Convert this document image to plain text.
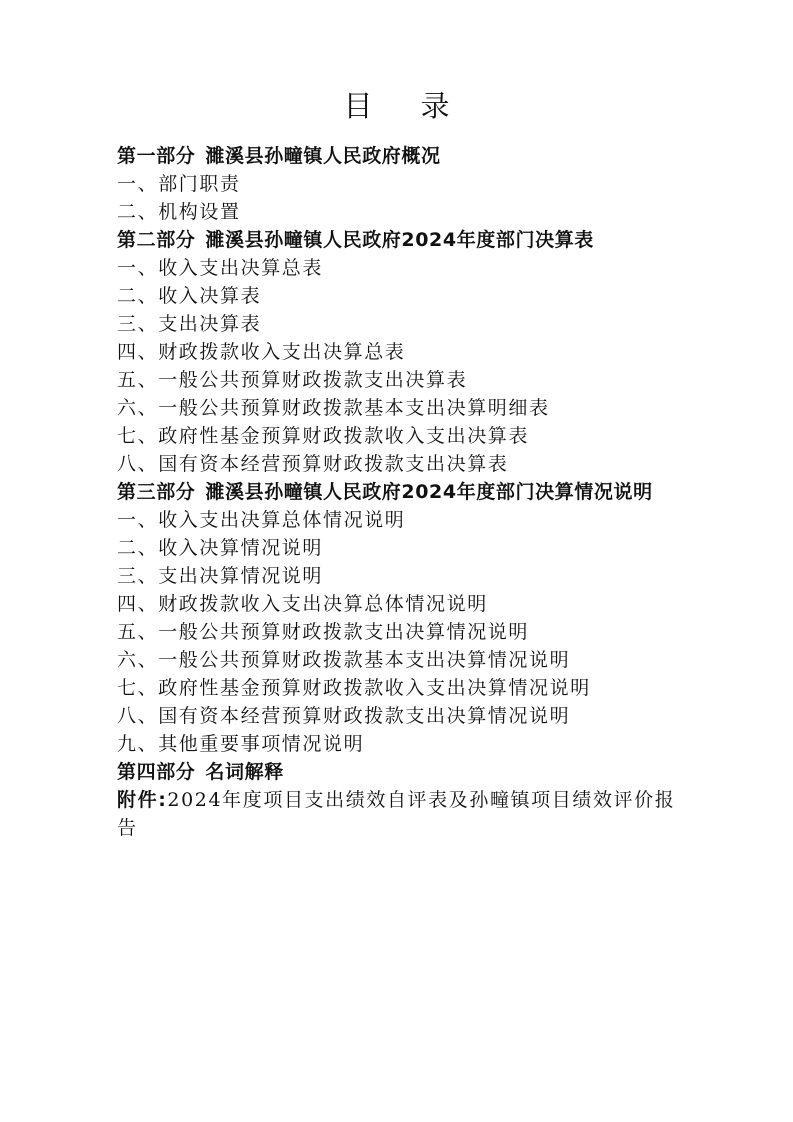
目 录
第一部分 濉溪县孙疃镇人民政府概况
一、部门职责
二、机构设置
第二部分 濉溪县孙疃镇人民政府2024年度部门决算表
一、收入支出决算总表
二、收入决算表
三、支出决算表
四、财政拨款收入支出决算总表
五、一般公共预算财政拨款支出决算表
六、一般公共预算财政拨款基本支出决算明细表
七、政府性基金预算财政拨款收入支出决算表
八、国有资本经营预算财政拨款支出决算表
第三部分 濉溪县孙疃镇人民政府2024年度部门决算情况说明
一、收入支出决算总体情况说明
二、收入决算情况说明
三、支出决算情况说明
四、财政拨款收入支出决算总体情况说明
五、一般公共预算财政拨款支出决算情况说明
六、一般公共预算财政拨款基本支出决算情况说明
七、政府性基金预算财政拨款收入支出决算情况说明
八、国有资本经营预算财政拨款支出决算情况说明
九、其他重要事项情况说明
第四部分 名词解释
附件:2024年度项目支出绩效自评表及孙疃镇项目绩效评价报告
